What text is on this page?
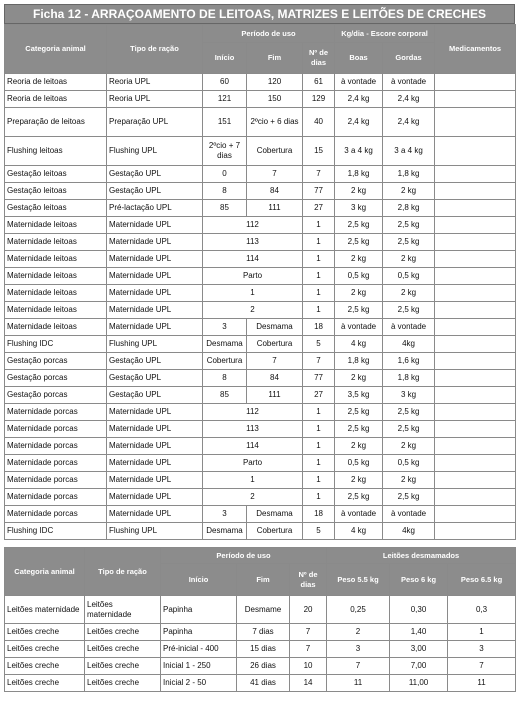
Ficha 12 - ARRAÇOAMENTO DE LEITOAS, MATRIZES E LEITÕES DE CRECHES
Categoria animal	Tipo de ração	Período de uso			Kg/dia - Escore corporal		Medicamentos
		Início	Fim	Nº de dias	Boas	Gordas	
Reoria de leitoas	Reoria UPL	60	120	61	à vontade	à vontade	
Reoria de leitoas	Reoria UPL	121	150	129	2,4 kg	2,4 kg	
Preparação de leitoas	Preparação UPL	151	2ºcio + 6 dias	40	2,4 kg	2,4 kg	
Flushing leitoas	Flushing UPL	2ºcio + 7 dias	Cobertura	15	3 a 4 kg	3 a 4 kg	
Gestação leitoas	Gestação UPL	0	7	7	1,8 kg	1,8 kg	
Gestação leitoas	Gestação UPL	8	84	77	2 kg	2 kg	
Gestação leitoas	Pré-lactação UPL	85	111	27	3 kg	2,8 kg	
Maternidade leitoas	Maternidade UPL	112		1	2,5 kg	2,5 kg	
Maternidade leitoas	Maternidade UPL	113		1	2,5 kg	2,5 kg	
Maternidade leitoas	Maternidade UPL	114		1	2 kg	2 kg	
Maternidade leitoas	Maternidade UPL	Parto		1	0,5 kg	0,5 kg	
Maternidade leitoas	Maternidade UPL	1		1	2 kg	2 kg	
Maternidade leitoas	Maternidade UPL	2		1	2,5 kg	2,5 kg	
Maternidade leitoas	Maternidade UPL	3	Desmama	18	à vontade	à vontade	
Flushing IDC	Flushing UPL	Desmama	Cobertura	5	4 kg	4kg	
Gestação porcas	Gestação UPL	Cobertura	7	7	1,8 kg	1,6 kg	
Gestação porcas	Gestação UPL	8	84	77	2 kg	1,8 kg	
Gestação porcas	Gestação UPL	85	111	27	3,5 kg	3 kg	
Maternidade porcas	Maternidade UPL	112		1	2,5 kg	2,5 kg	
Maternidade porcas	Maternidade UPL	113		1	2,5 kg	2,5 kg	
Maternidade porcas	Maternidade UPL	114		1	2 kg	2 kg	
Maternidade porcas	Maternidade UPL	Parto		1	0,5 kg	0,5 kg	
Maternidade porcas	Maternidade UPL	1		1	2 kg	2 kg	
Maternidade porcas	Maternidade UPL	2		1	2,5 kg	2,5 kg	
Maternidade porcas	Maternidade UPL	3	Desmama	18	à vontade	à vontade	
Flushing IDC	Flushing UPL	Desmama	Cobertura	5	4 kg	4kg	
Categoria animal	Tipo de ração	Período de uso			Leitões desmamados		
		Início	Fim	Nº de dias	Peso 5.5 kg	Peso 6 kg	Peso 6.5 kg
Leitões maternidade	Leitões maternidade	Papinha	Desmame	20	0,25	0,30	0,3
Leitões creche	Leitões creche	Papinha	7 dias	7	2	1,40	1
Leitões creche	Leitões creche	Pré-inicial - 400	15 dias	7	3	3,00	3
Leitões creche	Leitões creche	Inicial 1 - 250	26 dias	10	7	7,00	7
Leitões creche	Leitões creche	Inicial 2 - 50	41 dias	14	11	11,00	11
